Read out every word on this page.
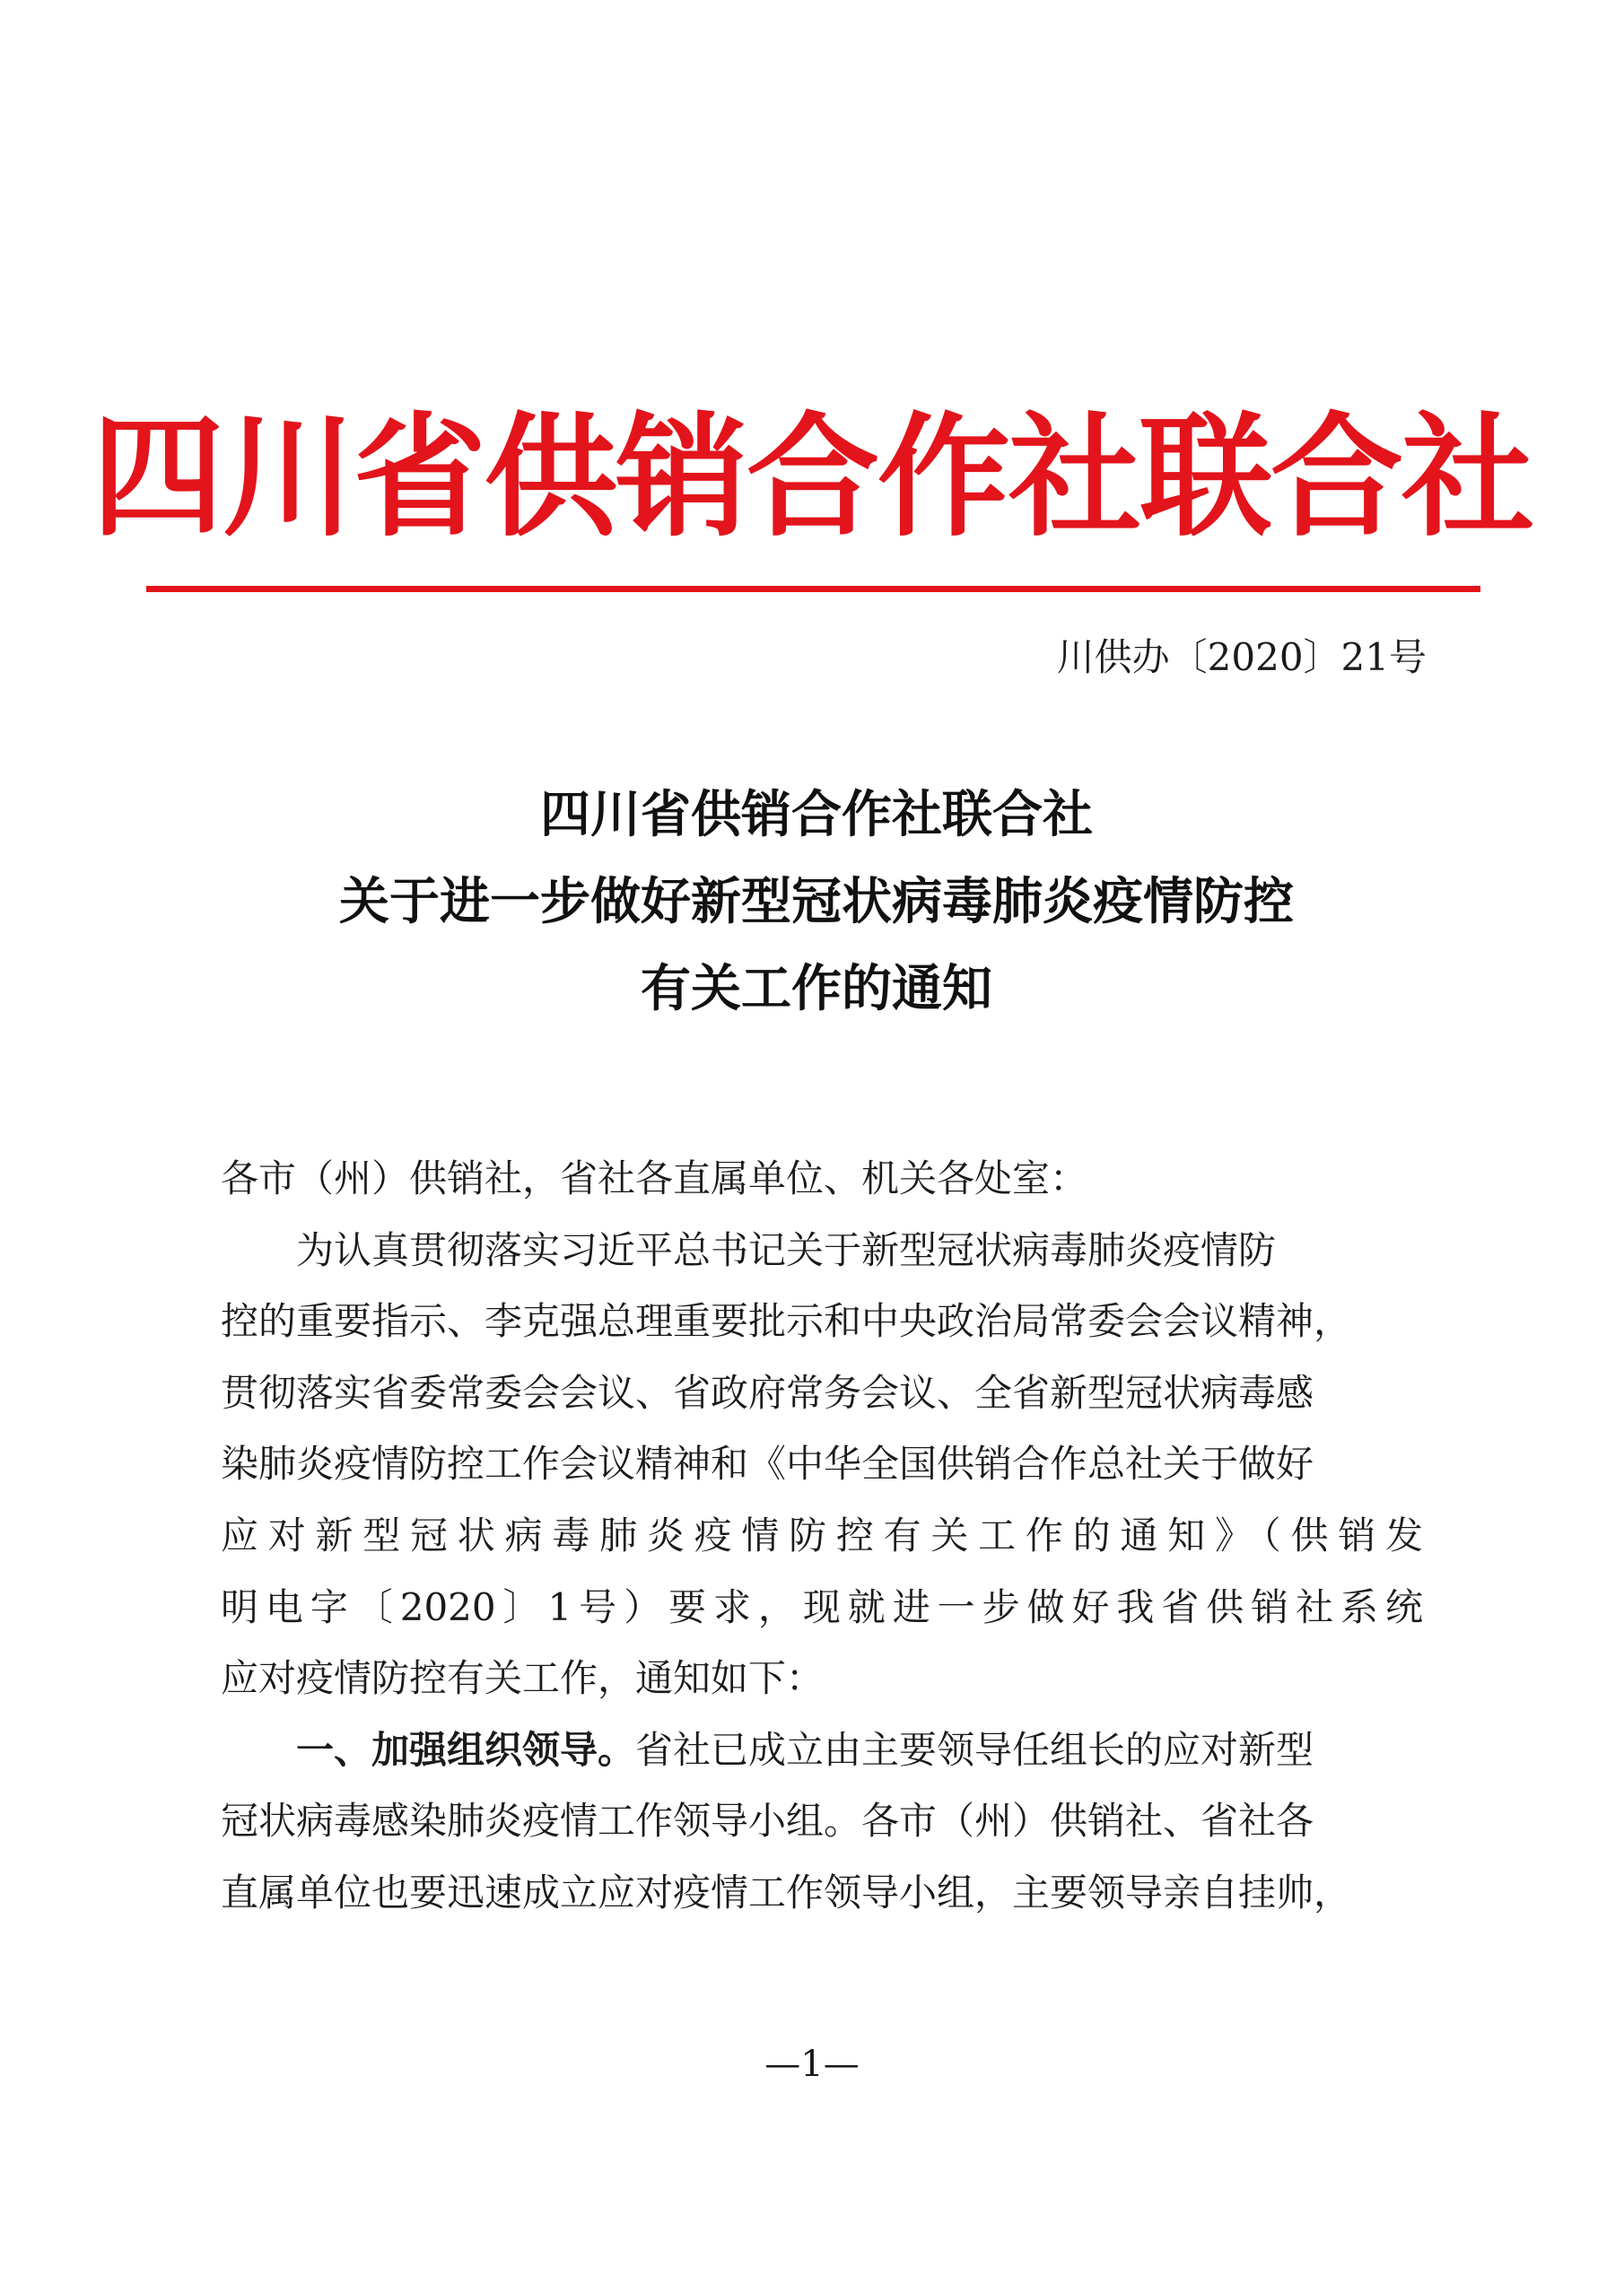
四川省供销合作社联合社
川供办〔2020〕21号
四川省供销合作社联合社
关于进一步做好新型冠状病毒肺炎疫情防控
有关工作的通知
各市（州）供销社，省社各直属单位、机关各处室：
为认真贯彻落实习近平总书记关于新型冠状病毒肺炎疫情防
控的重要指示、李克强总理重要批示和中央政治局常委会会议精神，
贯彻落实省委常委会会议、省政府常务会议、全省新型冠状病毒感
染肺炎疫情防控工作会议精神和《中华全国供销合作总社关于做好
应对新型冠状病毒肺炎疫情防控有关工作的通知》（供销发
明电字〔2020〕1号）要求，现就进一步做好我省供销社系统
应对疫情防控有关工作，通知如下：
一、加强组织领导。省社已成立由主要领导任组长的应对新型
冠状病毒感染肺炎疫情工作领导小组。各市（州）供销社、省社各
直属单位也要迅速成立应对疫情工作领导小组，主要领导亲自挂帅，
—1—
